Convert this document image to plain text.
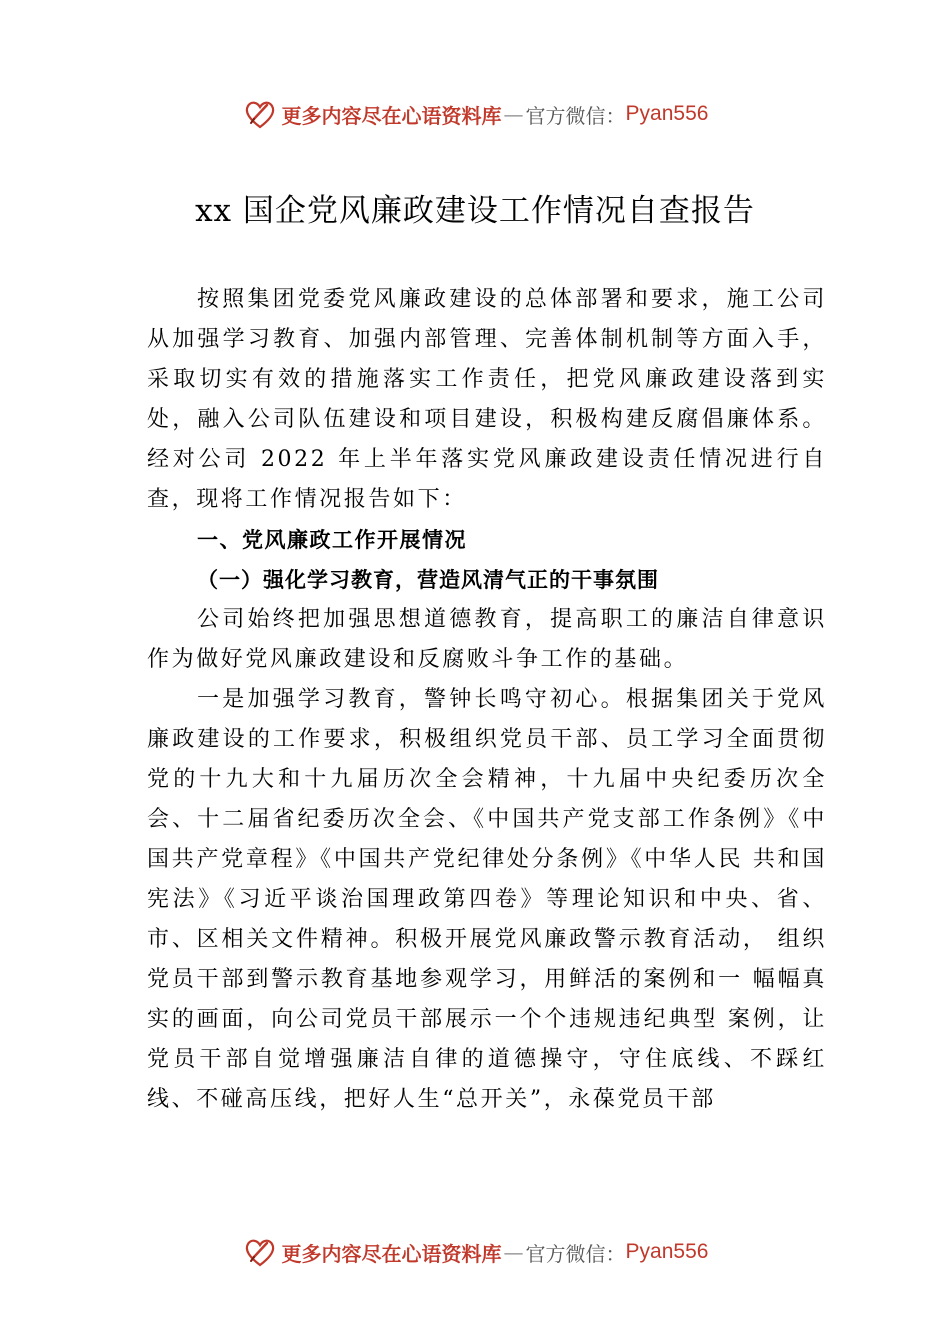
更多内容尽在心语资料库 — 官方微信： Pyan556
xx 国企党风廉政建设工作情况自查报告

按照集团党委党风廉政建设的总体部署和要求，施工公司从加强学习教育、加强内部管理、完善体制机制等方面入手，采取切实有效的措施落实工作责任，把党风廉政建设落到实处，融入公司队伍建设和项目建设，积极构建反腐倡廉体系。经对公司 2022 年上半年落实党风廉政建设责任情况进行自查，现将工作情况报告如下：

一、党风廉政工作开展情况

（一）强化学习教育，营造风清气正的干事氛围

公司始终把加强思想道德教育，提高职工的廉洁自律意识作为做好党风廉政建设和反腐败斗争工作的基础。

一是加强学习教育，警钟长鸣守初心。根据集团关于党风廉政建设的工作要求，积极组织党员干部、员工学习全面贯彻党的十九大和十九届历次全会精神，十九届中央纪委历次全会、十二届省纪委历次全会、《中国共产党支部工作条例》《中国共产党章程》《中国共产党纪律处分条例》《中华人民 共和国宪法》《习近平谈治国理政第四卷》等理论知识和中央、省、市、区相关文件精神。积极开展党风廉政警示教育活动， 组织党员干部到警示教育基地参观学习，用鲜活的案例和一 幅幅真实的画面，向公司党员干部展示一个个违规违纪典型 案例，让党员干部自觉增强廉洁自律的道德操守，守住底线、不踩红线、不碰高压线，把好人生“总开关”，永葆党员干部

更多内容尽在心语资料库 — 官方微信： Pyan556
